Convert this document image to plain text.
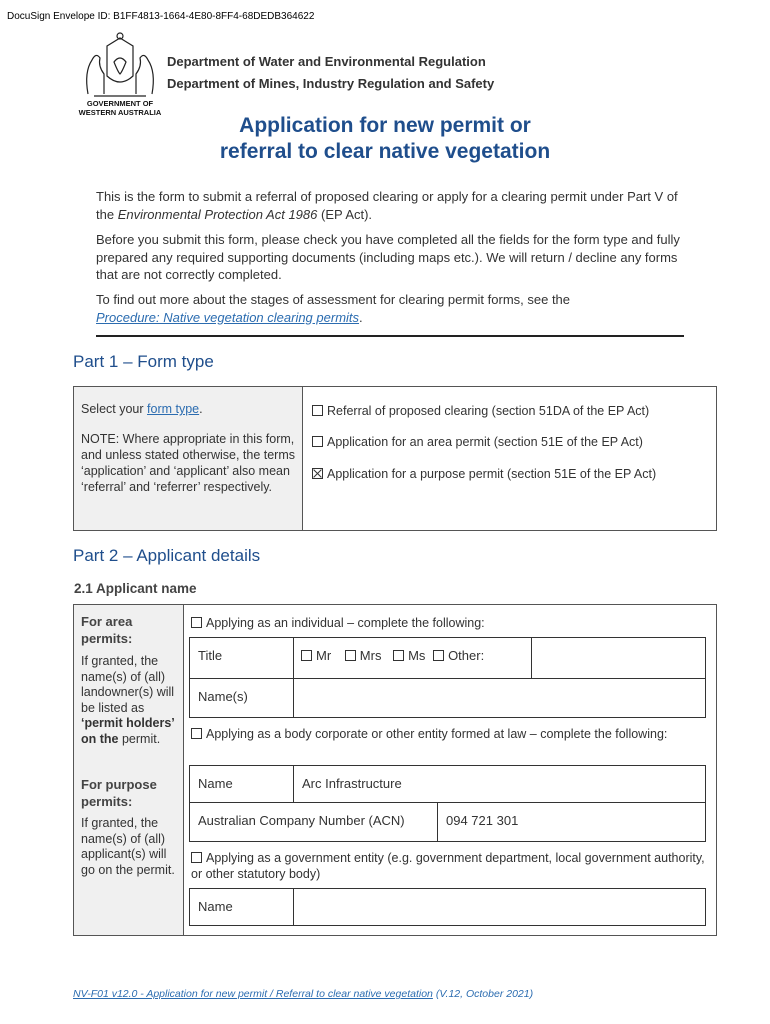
DocuSign Envelope ID: B1FF4813-1664-4E80-8FF4-68DEDB364622
GOVERNMENT OF
WESTERN AUSTRALIA
Department of Water and Environmental Regulation
Department of Mines, Industry Regulation and Safety
Application for new permit or
referral to clear native vegetation
This is the form to submit a referral of proposed clearing or apply for a clearing permit under Part V of the Environmental Protection Act 1986 (EP Act).
Before you submit this form, please check you have completed all the fields for the form type and fully prepared any required supporting documents (including maps etc.). We will return / decline any forms that are not correctly completed.
To find out more about the stages of assessment for clearing permit forms, see the
Procedure: Native vegetation clearing permits.
Part 1 – Form type
Select your form type.
NOTE: Where appropriate in this form, and unless stated otherwise, the terms ‘application’ and ‘applicant’ also mean ‘referral’ and ‘referrer’ respectively.
Referral of proposed clearing (section 51DA of the EP Act)
Application for an area permit (section 51E of the EP Act)
Application for a purpose permit (section 51E of the EP Act)
Part 2 – Applicant details
2.1 Applicant name
For area permits:
If granted, the name(s) of (all) landowner(s) will be listed as ‘permit holders’ on the permit.
For purpose permits:
If granted, the name(s) of (all) applicant(s) will go on the permit.
Applying as an individual – complete the following:
Title	Mr Mrs Ms Other:
Name(s)
Applying as a body corporate or other entity formed at law – complete the following:
Name	Arc Infrastructure
Australian Company Number (ACN)	094 721 301
Applying as a government entity (e.g. government department, local government authority, or other statutory body)
Name
NV-F01 v12.0 - Application for new permit / Referral to clear native vegetation (V.12, October 2021)
